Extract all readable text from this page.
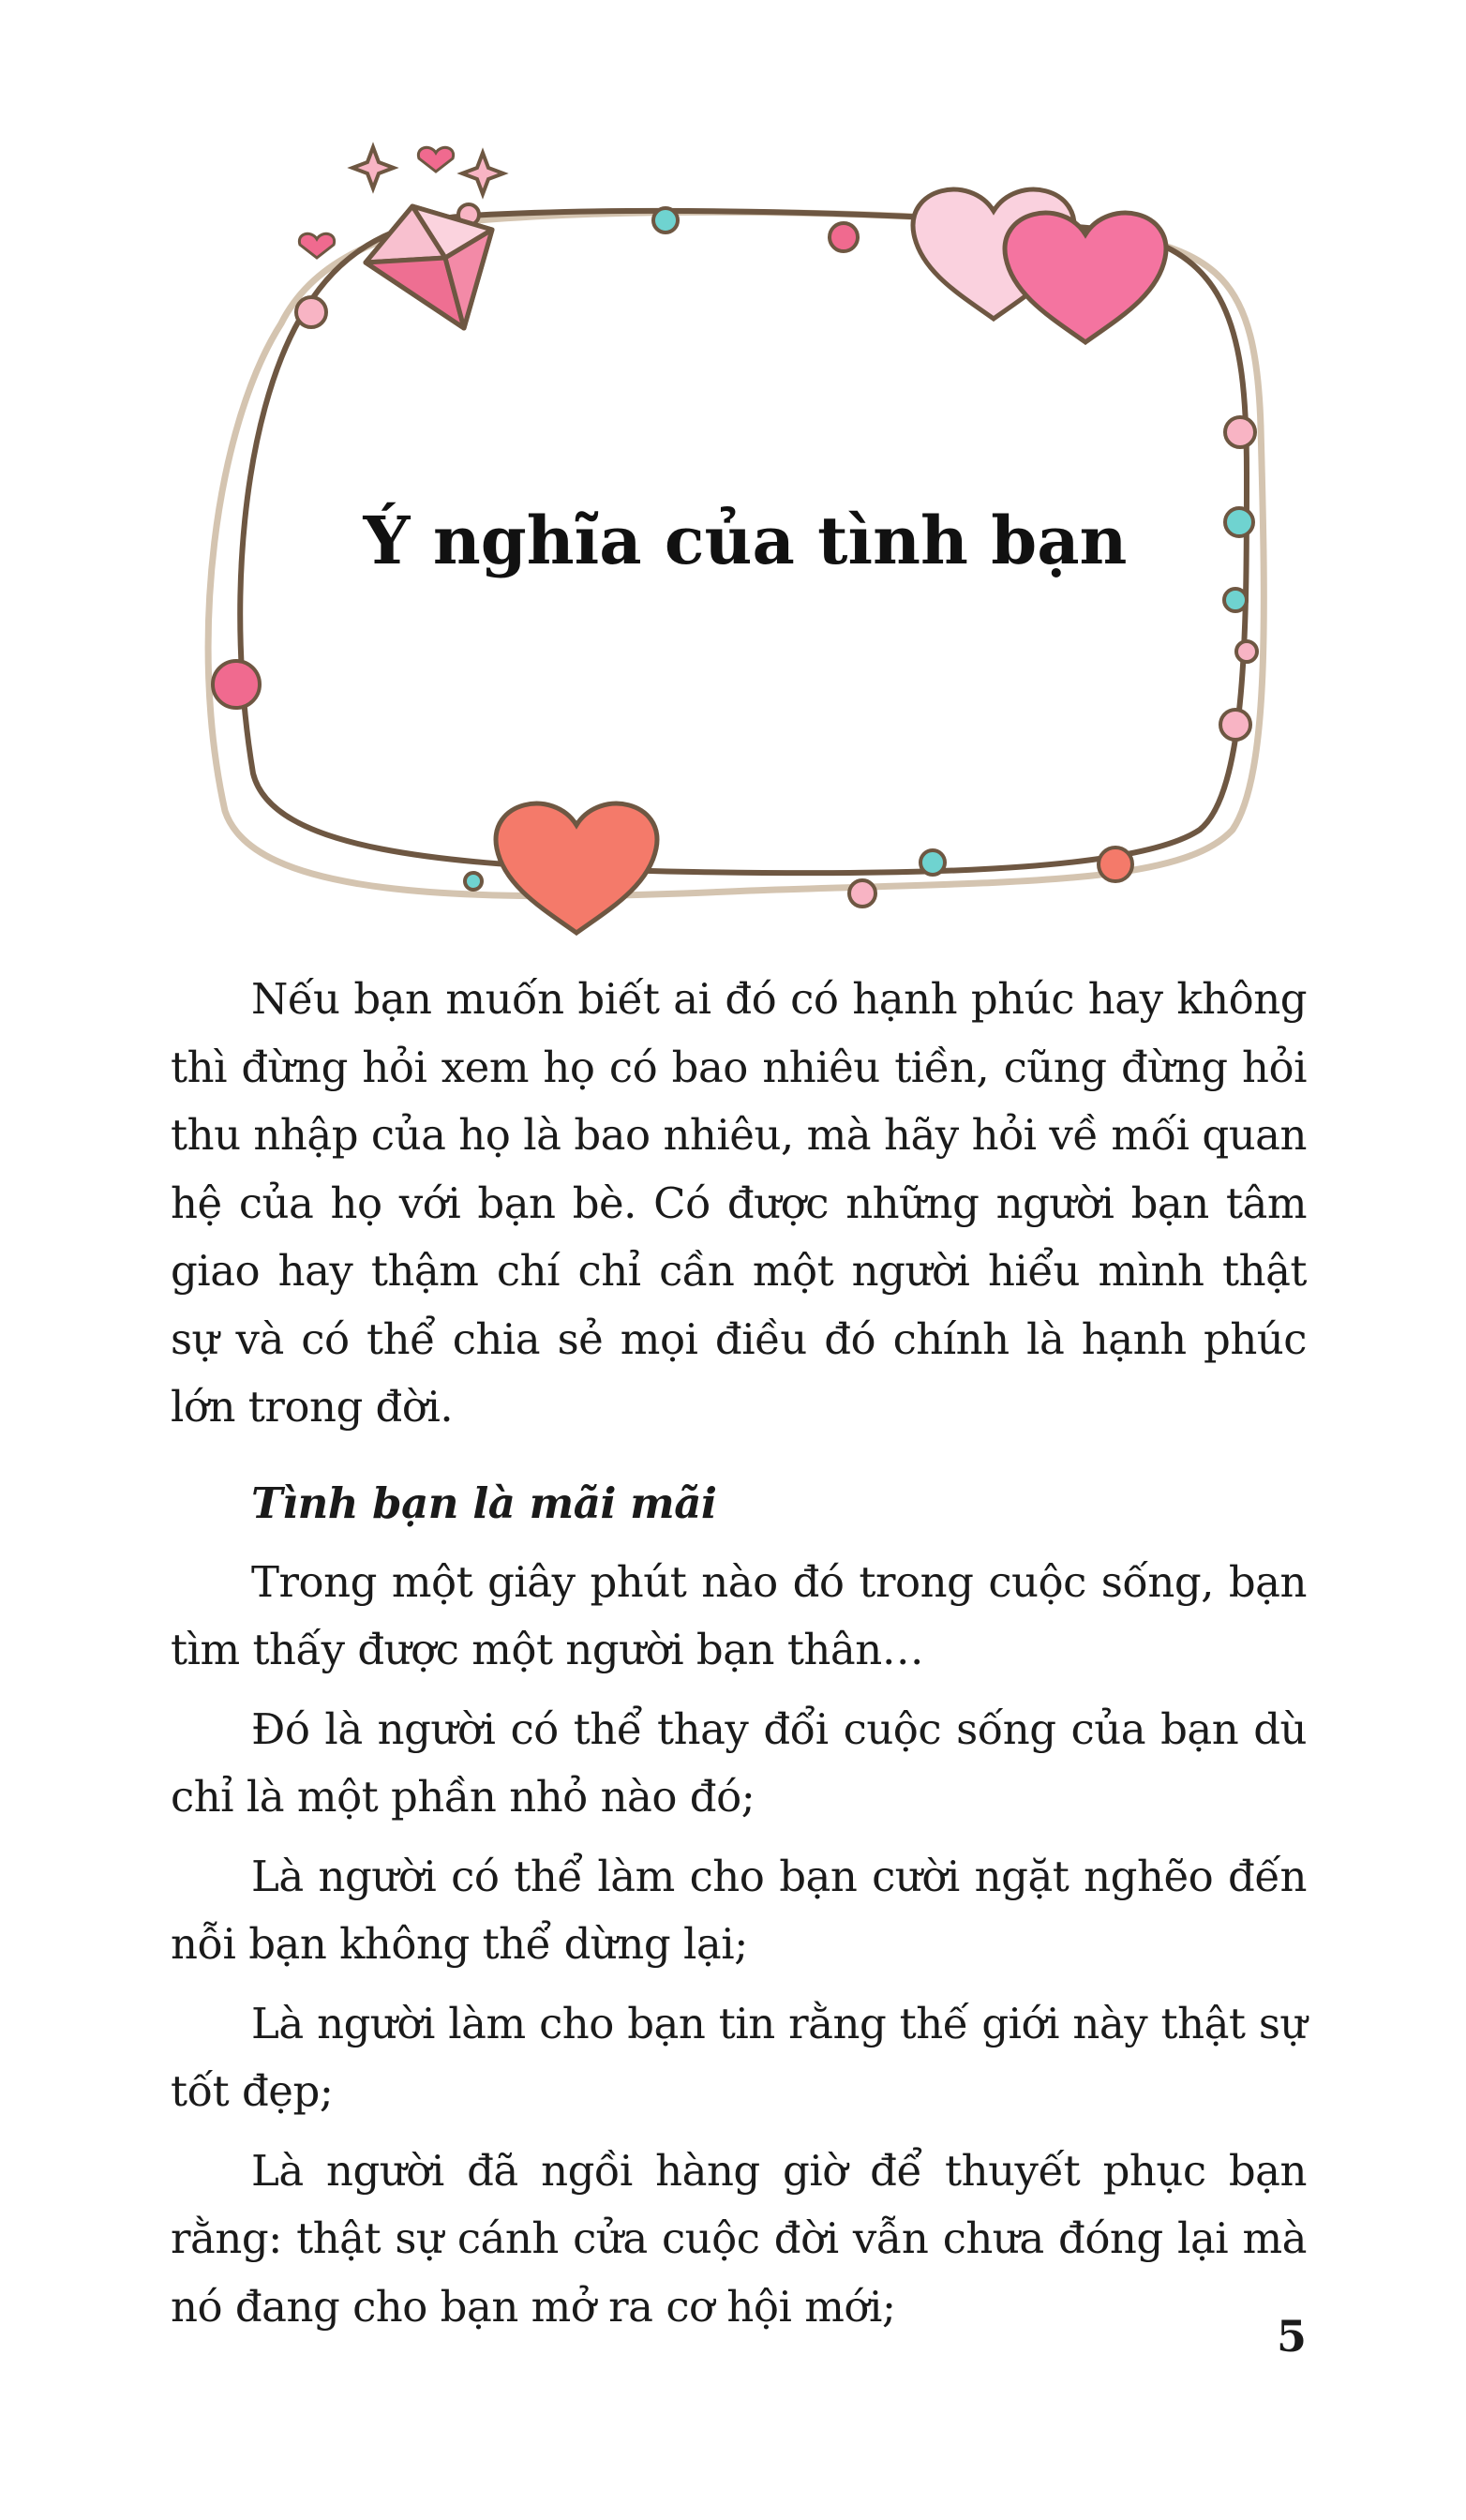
Ý nghĩa của tình bạn

Nếu bạn muốn biết ai đó có hạnh phúc hay không thì đừng hỏi xem họ có bao nhiêu tiền, cũng đừng hỏi thu nhập của họ là bao nhiêu, mà hãy hỏi về mối quan hệ của họ với bạn bè. Có được những người bạn tâm giao hay thậm chí chỉ cần một người hiểu mình thật sự và có thể chia sẻ mọi điều đó chính là hạnh phúc lớn trong đời.

Tình bạn là mãi mãi

Trong một giây phút nào đó trong cuộc sống, bạn tìm thấy được một người bạn thân…

Đó là người có thể thay đổi cuộc sống của bạn dù chỉ là một phần nhỏ nào đó;

Là người có thể làm cho bạn cười ngặt nghẽo đến nỗi bạn không thể dừng lại;

Là người làm cho bạn tin rằng thế giới này thật sự tốt đẹp;

Là người đã ngồi hàng giờ để thuyết phục bạn rằng: thật sự cánh cửa cuộc đời vẫn chưa đóng lại mà nó đang cho bạn mở ra cơ hội mới;

5
